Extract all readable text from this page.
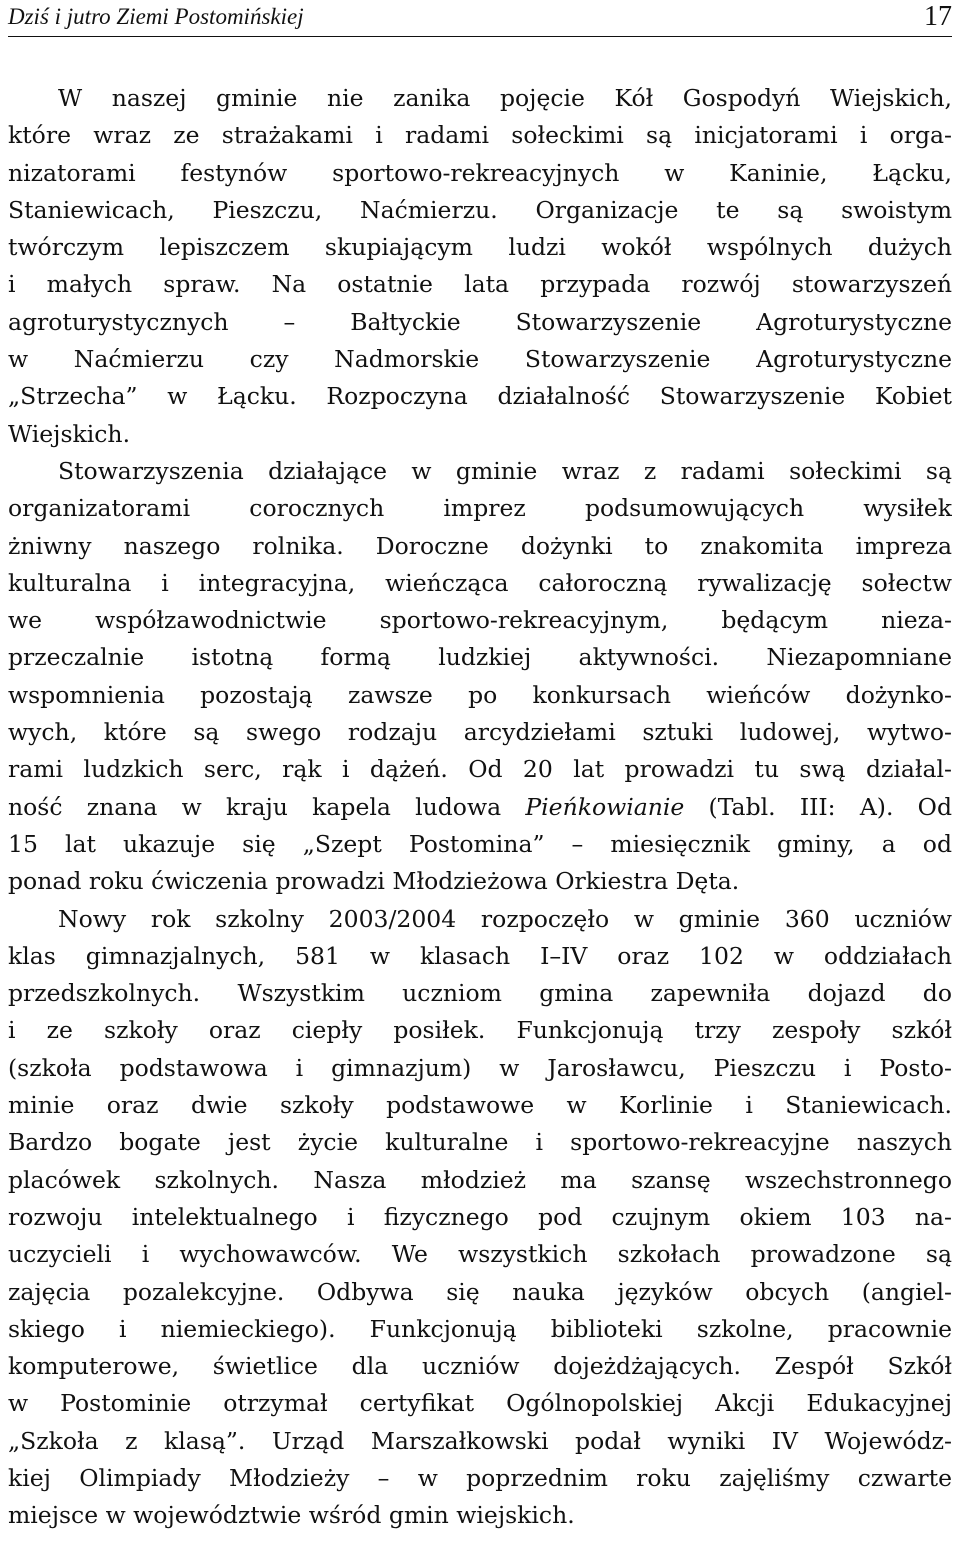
Dziś i jutro Ziemi Postomińskiej	17
W naszej gminie nie zanika pojęcie Kół Gospodyń Wiejskich,
które wraz ze strażakami i radami sołeckimi są inicjatorami i orga-
nizatorami festynów sportowo-rekreacyjnych w Kaninie, Łącku,
Staniewicach, Pieszczu, Naćmierzu. Organizacje te są swoistym
twórczym lepiszczem skupiającym ludzi wokół wspólnych dużych
i małych spraw. Na ostatnie lata przypada rozwój stowarzyszeń
agroturystycznych – Bałtyckie Stowarzyszenie Agroturystyczne
w Naćmierzu czy Nadmorskie Stowarzyszenie Agroturystyczne
„Strzecha” w Łącku. Rozpoczyna działalność Stowarzyszenie Kobiet
Wiejskich.
Stowarzyszenia działające w gminie wraz z radami sołeckimi są
organizatorami corocznych imprez podsumowujących wysiłek
żniwny naszego rolnika. Doroczne dożynki to znakomita impreza
kulturalna i integracyjna, wieńcząca całoroczną rywalizację sołectw
we współzawodnictwie sportowo-rekreacyjnym, będącym nieza-
przeczalnie istotną formą ludzkiej aktywności. Niezapomniane
wspomnienia pozostają zawsze po konkursach wieńców dożynko-
wych, które są swego rodzaju arcydziełami sztuki ludowej, wytwo-
rami ludzkich serc, rąk i dążeń. Od 20 lat prowadzi tu swą działal-
ność znana w kraju kapela ludowa Pieńkowianie (Tabl. III: A). Od
15 lat ukazuje się „Szept Postomina” – miesięcznik gminy, a od
ponad roku ćwiczenia prowadzi Młodzieżowa Orkiestra Dęta.
Nowy rok szkolny 2003/2004 rozpoczęło w gminie 360 uczniów
klas gimnazjalnych, 581 w klasach I–IV oraz 102 w oddziałach
przedszkolnych. Wszystkim uczniom gmina zapewniła dojazd do
i ze szkoły oraz ciepły posiłek. Funkcjonują trzy zespoły szkół
(szkoła podstawowa i gimnazjum) w Jarosławcu, Pieszczu i Posto-
minie oraz dwie szkoły podstawowe w Korlinie i Staniewicach.
Bardzo bogate jest życie kulturalne i sportowo-rekreacyjne naszych
placówek szkolnych. Nasza młodzież ma szansę wszechstronnego
rozwoju intelektualnego i fizycznego pod czujnym okiem 103 na-
uczycieli i wychowawców. We wszystkich szkołach prowadzone są
zajęcia pozalekcyjne. Odbywa się nauka języków obcych (angiel-
skiego i niemieckiego). Funkcjonują biblioteki szkolne, pracownie
komputerowe, świetlice dla uczniów dojeżdżających. Zespół Szkół
w Postominie otrzymał certyfikat Ogólnopolskiej Akcji Edukacyjnej
„Szkoła z klasą”. Urząd Marszałkowski podał wyniki IV Wojewódz-
kiej Olimpiady Młodzieży – w poprzednim roku zajęliśmy czwarte
miejsce w województwie wśród gmin wiejskich.
